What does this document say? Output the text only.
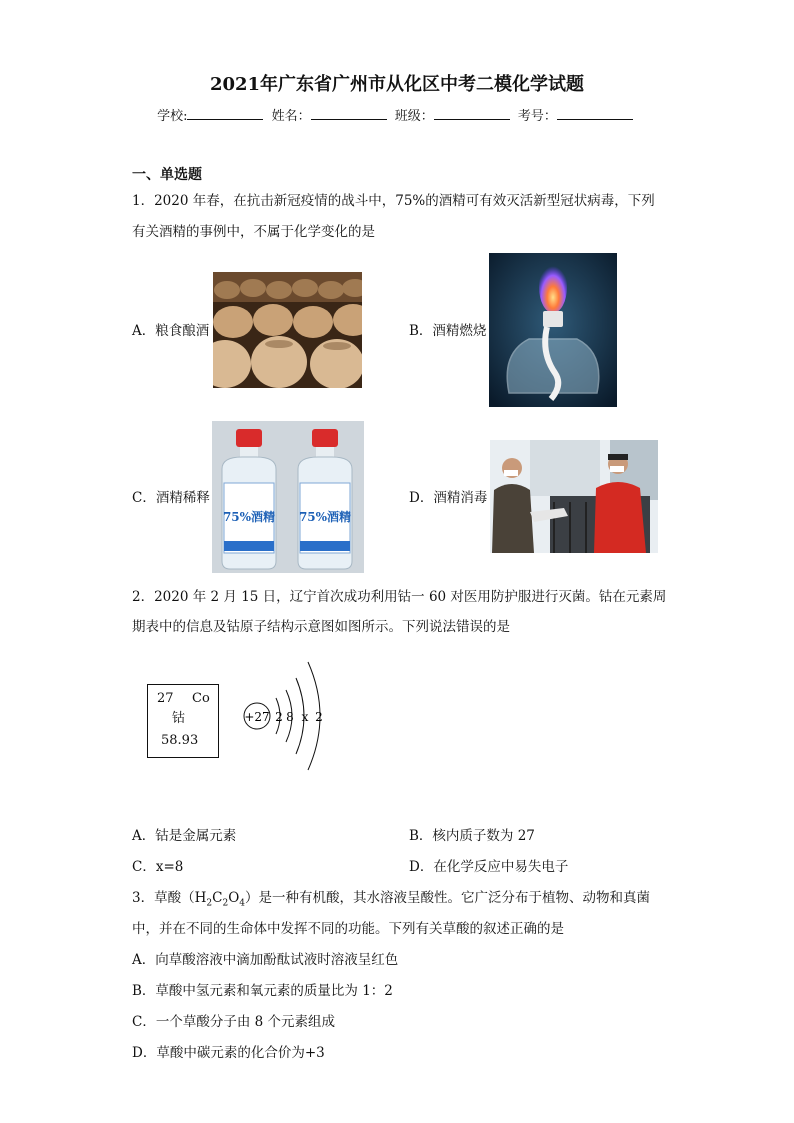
2021年广东省广州市从化区中考二模化学试题
学校:	姓名：	班级：	考号：
一、单选题
1．2020 年春，在抗击新冠疫情的战斗中，75%的酒精可有效灭活新型冠状病毒，下列
有关酒精的事例中，不属于化学变化的是
A．粮食酿酒	B．酒精燃烧
C．酒精稀释
75%酒精 75%酒精
D．酒精消毒
2．2020 年 2 月 15 日，辽宁首次成功利用钴一 60 对医用防护服进行灭菌。钴在元素周
期表中的信息及钴原子结构示意图如图所示。下列说法错误的是
27 Co
钴
58.93
+27 2 8 x 2
A．钴是金属元素	B．核内质子数为 27
C．x=8	D．在化学反应中易失电子
3．草酸$(H_2C_2O_4)$是一种有机酸，其水溶液呈酸性。它广泛分布于植物、动物和真菌
中，并在不同的生命体中发挥不同的功能。下列有关草酸的叙述正确的是
A．向草酸溶液中滴加酚酞试液时溶液呈红色
B．草酸中氢元素和氧元素的质量比为 1：2
C．一个草酸分子由 8 个元素组成
D．草酸中碳元素的化合价为+3
